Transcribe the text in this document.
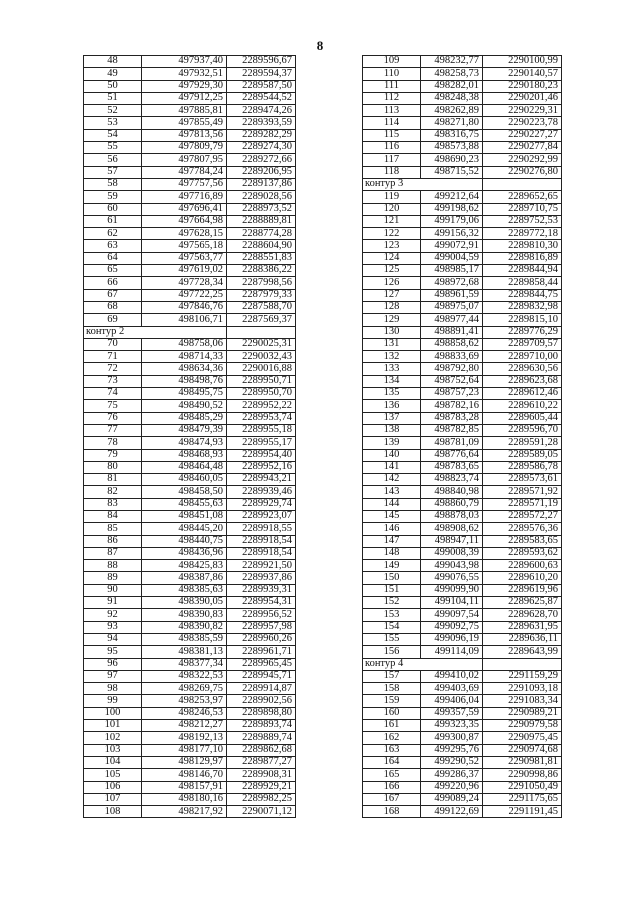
8
48	497937,40	2289596,67
49	497932,51	2289594,37
50	497929,30	2289587,50
51	497912,25	2289544,52
52	497885,81	2289474,26
53	497855,49	2289393,59
54	497813,56	2289282,29
55	497809,79	2289274,30
56	497807,95	2289272,66
57	497784,24	2289206,95
58	497757,56	2289137,86
59	497716,89	2289028,56
60	497696,41	2288973,52
61	497664,98	2288889,81
62	497628,15	2288774,28
63	497565,18	2288604,90
64	497563,77	2288551,83
65	497619,02	2288386,22
66	497728,34	2287998,56
67	497722,25	2287979,33
68	497846,76	2287588,70
69	498106,71	2287569,37
контур 2		
70	498758,06	2290025,31
71	498714,33	2290032,43
72	498634,36	2290016,88
73	498498,76	2289950,71
74	498495,75	2289950,70
75	498490,52	2289952,22
76	498485,29	2289953,74
77	498479,39	2289955,18
78	498474,93	2289955,17
79	498468,93	2289954,40
80	498464,48	2289952,16
81	498460,05	2289943,21
82	498458,50	2289939,46
83	498455,63	2289929,74
84	498451,08	2289923,07
85	498445,20	2289918,55
86	498440,75	2289918,54
87	498436,96	2289918,54
88	498425,83	2289921,50
89	498387,86	2289937,86
90	498385,63	2289939,31
91	498390,05	2289954,31
92	498390,83	2289956,52
93	498390,82	2289957,98
94	498385,59	2289960,26
95	498381,13	2289961,71
96	498377,34	2289965,45
97	498322,53	2289945,71
98	498269,75	2289914,87
99	498253,97	2289902,56
100	498246,53	2289898,80
101	498212,27	2289893,74
102	498192,13	2289889,74
103	498177,10	2289862,68
104	498129,97	2289877,27
105	498146,70	2289908,31
106	498157,91	2289929,21
107	498180,16	2289982,25
108	498217,92	2290071,12
109	498232,77	2290100,99
110	498258,73	2290140,57
111	498282,01	2290180,23
112	498248,38	2290201,46
113	498262,89	2290229,31
114	498271,80	2290223,78
115	498316,75	2290227,27
116	498573,88	2290277,84
117	498690,23	2290292,99
118	498715,52	2290276,80
контур 3		
119	499212,64	2289652,65
120	499198,62	2289710,75
121	499179,06	2289752,53
122	499156,32	2289772,18
123	499072,91	2289810,30
124	499004,59	2289816,89
125	498985,17	2289844,94
126	498972,68	2289858,44
127	498961,59	2289844,75
128	498975,07	2289832,98
129	498977,44	2289815,10
130	498891,41	2289776,29
131	498858,62	2289709,57
132	498833,69	2289710,00
133	498792,80	2289630,56
134	498752,64	2289623,68
135	498757,23	2289612,46
136	498782,16	2289610,22
137	498783,28	2289605,44
138	498782,85	2289596,70
139	498781,09	2289591,28
140	498776,64	2289589,05
141	498783,65	2289586,78
142	498823,74	2289573,61
143	498840,98	2289571,92
144	498860,79	2289571,19
145	498878,03	2289572,27
146	498908,62	2289576,36
147	498947,11	2289583,65
148	499008,39	2289593,62
149	499043,98	2289600,63
150	499076,55	2289610,20
151	499099,90	2289619,96
152	499104,11	2289625,87
153	499097,54	2289628,70
154	499092,75	2289631,95
155	499096,19	2289636,11
156	499114,09	2289643,99
контур 4		
157	499410,02	2291159,29
158	499403,69	2291093,18
159	499406,04	2291083,34
160	499357,59	2290989,21
161	499323,35	2290979,58
162	499300,87	2290975,45
163	499295,76	2290974,68
164	499290,52	2290981,81
165	499286,37	2290998,86
166	499220,96	2291050,49
167	499089,24	2291175,65
168	499122,69	2291191,45
